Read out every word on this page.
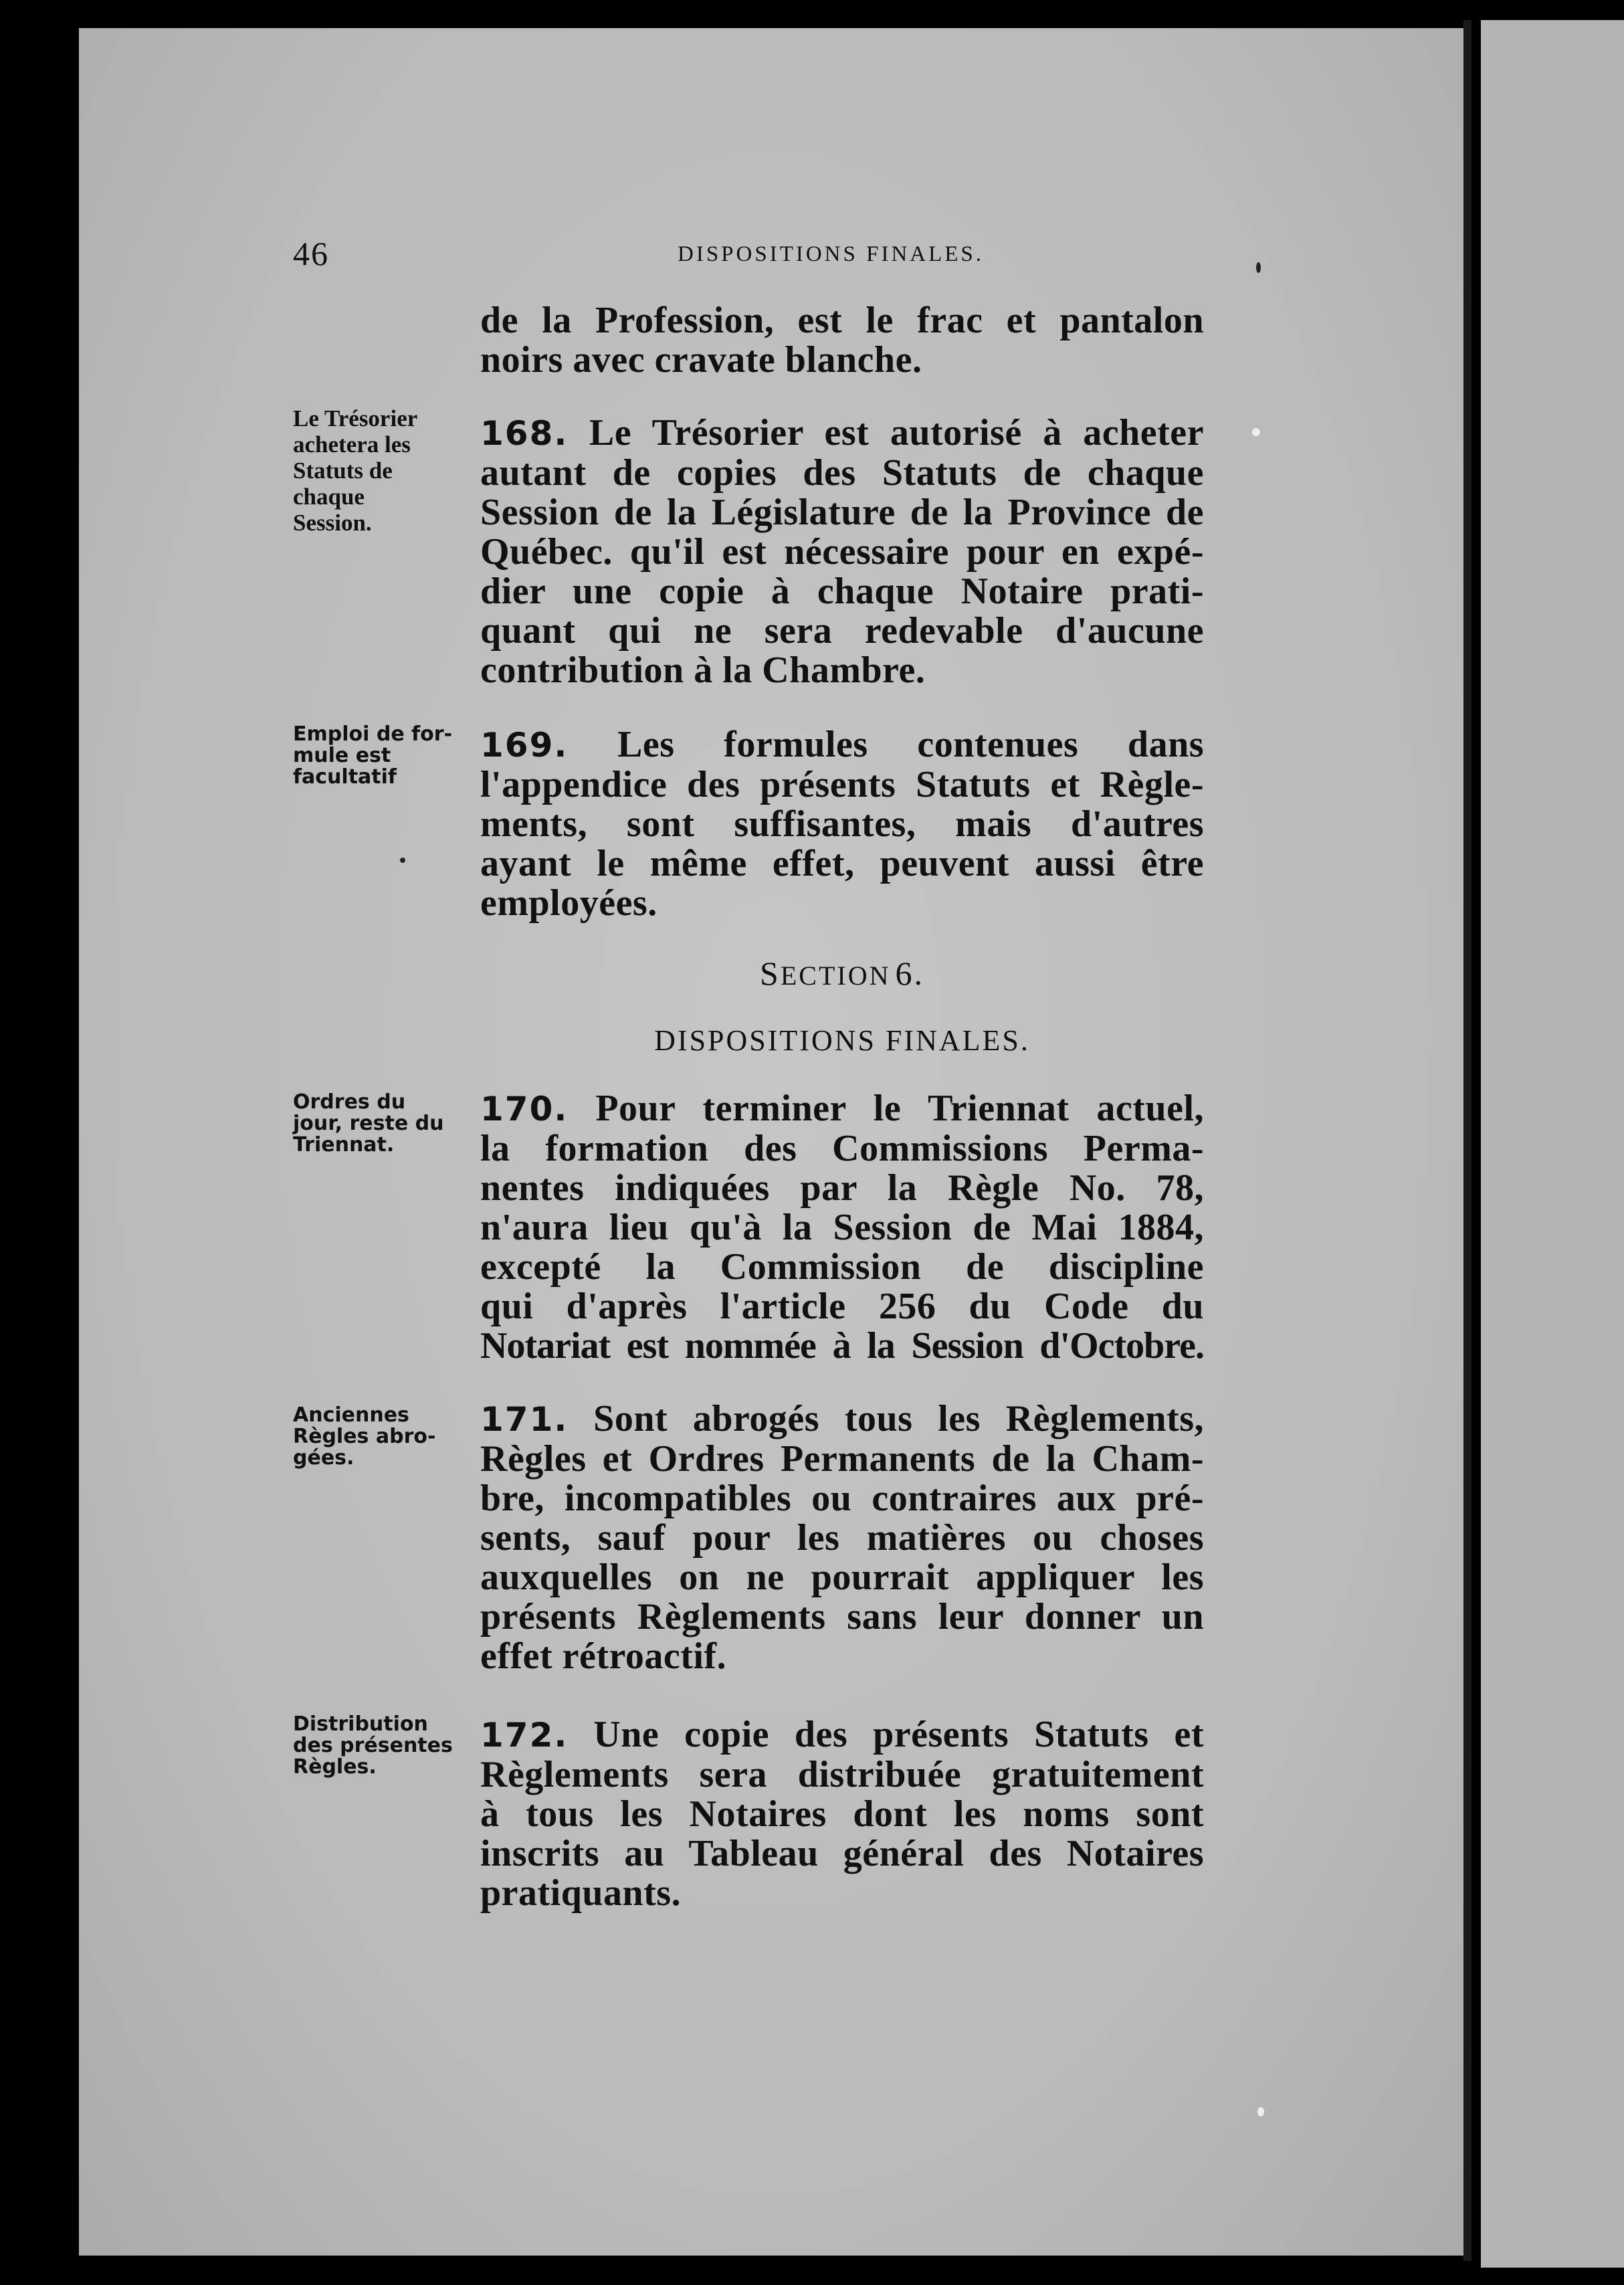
46	DISPOSITIONS FINALES.
de la Profession, est le frac et pantalon
noirs avec cravate blanche.
Le Trésorier
achetera les
Statuts de
chaque
Session.
168. Le Trésorier est autorisé à acheter
autant de copies des Statuts de chaque
Session de la Législature de la Province de
Québec. qu'il est nécessaire pour en expé-
dier une copie à chaque Notaire prati-
quant qui ne sera redevable d'aucune
contribution à la Chambre.
Emploi de for-
mule est
facultatif
169. Les formules contenues dans
l'appendice des présents Statuts et Règle-
ments, sont suffisantes, mais d'autres
ayant le même effet, peuvent aussi être
employées.
SECTION 6.
DISPOSITIONS FINALES.
Ordres du
jour, reste du
Triennat.
170. Pour terminer le Triennat actuel,
la formation des Commissions Perma-
nentes indiquées par la Règle No. 78,
n'aura lieu qu'à la Session de Mai 1884,
excepté la Commission de discipline
qui d'après l'article 256 du Code du
Notariat est nommée à la Session d'Octobre.
Anciennes
Règles abro-
gées.
171. Sont abrogés tous les Règlements,
Règles et Ordres Permanents de la Cham-
bre, incompatibles ou contraires aux pré-
sents, sauf pour les matières ou choses
auxquelles on ne pourrait appliquer les
présents Règlements sans leur donner un
effet rétroactif.
Distribution
des présentes
Règles.
172. Une copie des présents Statuts et
Règlements sera distribuée gratuitement
à tous les Notaires dont les noms sont
inscrits au Tableau général des Notaires
pratiquants.
